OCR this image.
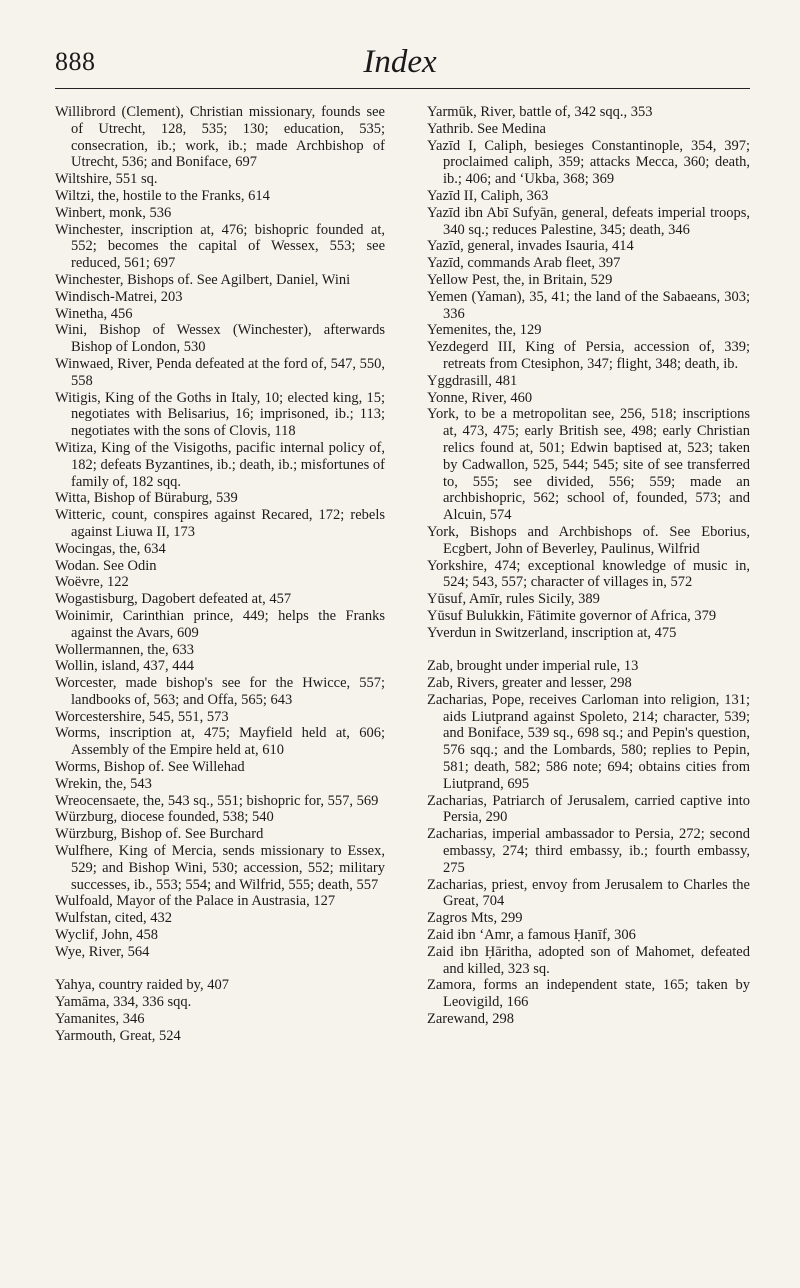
888	Index

Willibrord (Clement), Christian missionary, founds see of Utrecht, 128, 535; 130; education, 535; consecration, ib.; work, ib.; made Archbishop of Utrecht, 536; and Boniface, 697

Wiltshire, 551 sq.

Wiltzi, the, hostile to the Franks, 614

Winbert, monk, 536

Winchester, inscription at, 476; bishopric founded at, 552; becomes the capital of Wessex, 553; see reduced, 561; 697

Winchester, Bishops of. See Agilbert, Daniel, Wini

Windisch-Matrei, 203

Winetha, 456

Wini, Bishop of Wessex (Winchester), afterwards Bishop of London, 530

Winwaed, River, Penda defeated at the ford of, 547, 550, 558

Witigis, King of the Goths in Italy, 10; elected king, 15; negotiates with Belisarius, 16; imprisoned, ib.; 113; negotiates with the sons of Clovis, 118

Witiza, King of the Visigoths, pacific internal policy of, 182; defeats Byzantines, ib.; death, ib.; misfortunes of family of, 182 sqq.

Witta, Bishop of Büraburg, 539

Witteric, count, conspires against Recared, 172; rebels against Liuwa II, 173

Wocingas, the, 634

Wodan. See Odin

Woëvre, 122

Wogastisburg, Dagobert defeated at, 457

Woinimir, Carinthian prince, 449; helps the Franks against the Avars, 609

Wollermannen, the, 633

Wollin, island, 437, 444

Worcester, made bishop's see for the Hwicce, 557; landbooks of, 563; and Offa, 565; 643

Worcestershire, 545, 551, 573

Worms, inscription at, 475; Mayfield held at, 606; Assembly of the Empire held at, 610

Worms, Bishop of. See Willehad

Wrekin, the, 543

Wreocensaete, the, 543 sq., 551; bishopric for, 557, 569

Würzburg, diocese founded, 538; 540

Würzburg, Bishop of. See Burchard

Wulfhere, King of Mercia, sends missionary to Essex, 529; and Bishop Wini, 530; accession, 552; military successes, ib., 553; 554; and Wilfrid, 555; death, 557

Wulfoald, Mayor of the Palace in Austrasia, 127

Wulfstan, cited, 432

Wyclif, John, 458

Wye, River, 564

Yahya, country raided by, 407

Yamāma, 334, 336 sqq.

Yamanites, 346

Yarmouth, Great, 524

Yarmūk, River, battle of, 342 sqq., 353

Yathrib. See Medina

Yazīd I, Caliph, besieges Constantinople, 354, 397; proclaimed caliph, 359; attacks Mecca, 360; death, ib.; 406; and ‘Ukba, 368; 369

Yazīd II, Caliph, 363

Yazīd ibn Abī Sufyān, general, defeats imperial troops, 340 sq.; reduces Palestine, 345; death, 346

Yazīd, general, invades Isauria, 414

Yazīd, commands Arab fleet, 397

Yellow Pest, the, in Britain, 529

Yemen (Yaman), 35, 41; the land of the Sabaeans, 303; 336

Yemenites, the, 129

Yezdegerd III, King of Persia, accession of, 339; retreats from Ctesiphon, 347; flight, 348; death, ib.

Yggdrasill, 481

Yonne, River, 460

York, to be a metropolitan see, 256, 518; inscriptions at, 473, 475; early British see, 498; early Christian relics found at, 501; Edwin baptised at, 523; taken by Cadwallon, 525, 544; 545; site of see transferred to, 555; see divided, 556; 559; made an archbishopric, 562; school of, founded, 573; and Alcuin, 574

York, Bishops and Archbishops of. See Eborius, Ecgbert, John of Beverley, Paulinus, Wilfrid

Yorkshire, 474; exceptional knowledge of music in, 524; 543, 557; character of villages in, 572

Yūsuf, Amīr, rules Sicily, 389

Yūsuf Bulukkin, Fātimite governor of Africa, 379

Yverdun in Switzerland, inscription at, 475

Zab, brought under imperial rule, 13

Zab, Rivers, greater and lesser, 298

Zacharias, Pope, receives Carloman into religion, 131; aids Liutprand against Spoleto, 214; character, 539; and Boniface, 539 sq., 698 sq.; and Pepin's question, 576 sqq.; and the Lombards, 580; replies to Pepin, 581; death, 582; 586 note; 694; obtains cities from Liutprand, 695

Zacharias, Patriarch of Jerusalem, carried captive into Persia, 290

Zacharias, imperial ambassador to Persia, 272; second embassy, 274; third embassy, ib.; fourth embassy, 275

Zacharias, priest, envoy from Jerusalem to Charles the Great, 704

Zagros Mts, 299

Zaid ibn ‘Amr, a famous Ḥanīf, 306

Zaid ibn Ḥāritha, adopted son of Mahomet, defeated and killed, 323 sq.

Zamora, forms an independent state, 165; taken by Leovigild, 166

Zarewand, 298
